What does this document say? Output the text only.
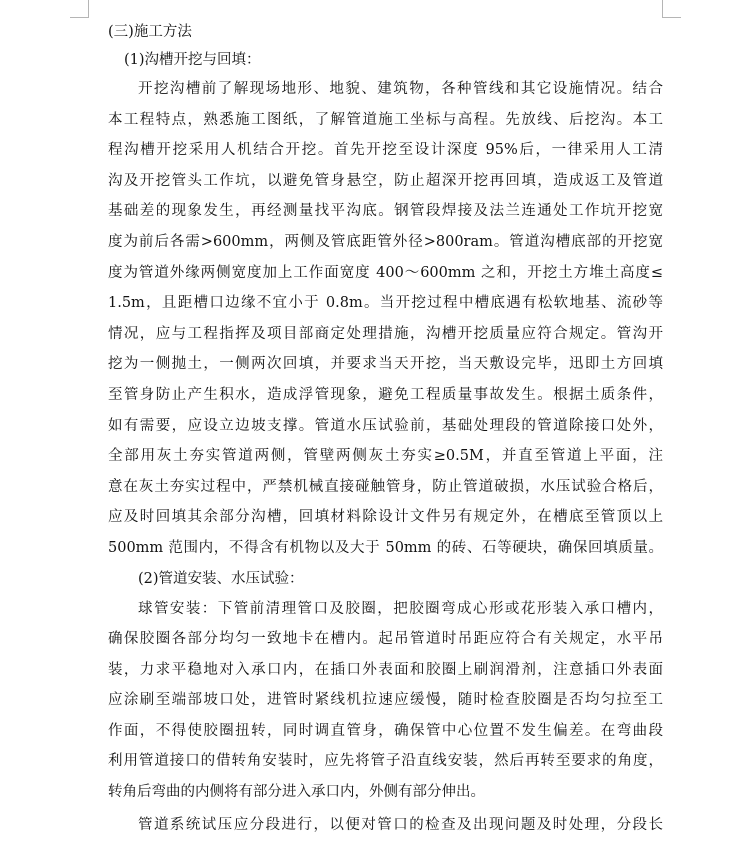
(三)施工方法
(1)沟槽开挖与回填：
开挖沟槽前了解现场地形、地貌、建筑物，各种管线和其它设施情况。结合
本工程特点，熟悉施工图纸，了解管道施工坐标与高程。先放线、后挖沟。本工
程沟槽开挖采用人机结合开挖。首先开挖至设计深度 95%后，一律采用人工清
沟及开挖管头工作坑，以避免管身悬空，防止超深开挖再回填，造成返工及管道
基础差的现象发生，再经测量找平沟底。钢管段焊接及法兰连通处工作坑开挖宽
度为前后各需>600mm，两侧及管底距管外径>800ram。管道沟槽底部的开挖宽
度为管道外缘两侧宽度加上工作面宽度 400～600mm 之和，开挖土方堆土高度≤
1.5m，且距槽口边缘不宜小于 0.8m。当开挖过程中槽底遇有松软地基、流砂等
情况，应与工程指挥及项目部商定处理措施，沟槽开挖质量应符合规定。管沟开
挖为一侧抛土，一侧两次回填，并要求当天开挖，当天敷设完毕，迅即土方回填
至管身防止产生积水，造成浮管现象，避免工程质量事故发生。根据土质条件，
如有需要，应设立边坡支撑。管道水压试验前，基础处理段的管道除接口处外，
全部用灰土夯实管道两侧，管壁两侧灰土夯实≥0.5M，并直至管道上平面，注
意在灰土夯实过程中，严禁机械直接碰触管身，防止管道破损，水压试验合格后，
应及时回填其余部分沟槽，回填材料除设计文件另有规定外，在槽底至管顶以上
500mm 范围内，不得含有机物以及大于 50mm 的砖、石等硬块，确保回填质量。
(2)管道安装、水压试验：
球管安装：下管前清理管口及胶圈，把胶圈弯成心形或花形装入承口槽内，
确保胶圈各部分均匀一致地卡在槽内。起吊管道时吊距应符合有关规定，水平吊
装，力求平稳地对入承口内，在插口外表面和胶圈上刷润滑剂，注意插口外表面
应涂刷至端部坡口处，进管时紧线机拉速应缓慢，随时检查胶圈是否均匀拉至工
作面，不得使胶圈扭转，同时调直管身，确保管中心位置不发生偏差。在弯曲段
利用管道接口的借转角安装时，应先将管子沿直线安装，然后再转至要求的角度，
转角后弯曲的内侧将有部分进入承口内，外侧有部分伸出。
管道系统试压应分段进行，以便对管口的检查及出现问题及时处理，分段长
